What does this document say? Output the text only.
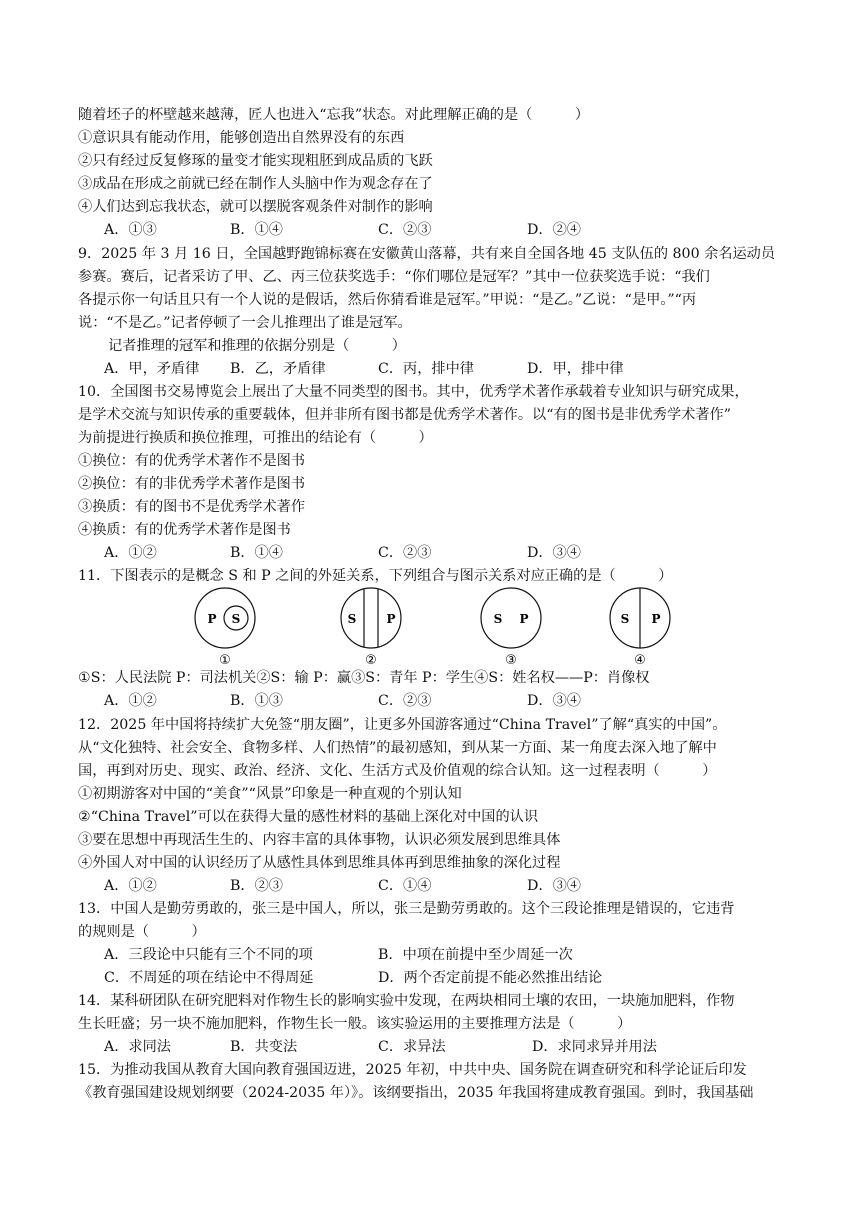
随着坯子的杯壁越来越薄，匠人也进入“忘我”状态。对此理解正确的是（　　　）
①意识具有能动作用，能够创造出自然界没有的东西
②只有经过反复修琢的量变才能实现粗胚到成品质的飞跃
③成品在形成之前就已经在制作人头脑中作为观念存在了
④人们达到忘我状态，就可以摆脱客观条件对制作的影响
A．①③	B．①④	C．②③	D．②④
9．2025 年 3 月 16 日，全国越野跑锦标赛在安徽黄山落幕，共有来自全国各地 45 支队伍的 800 余名运动员
参赛。赛后，记者采访了甲、乙、丙三位获奖选手：“你们哪位是冠军？”其中一位获奖选手说：“我们
各提示你一句话且只有一个人说的是假话，然后你猜看谁是冠军。”甲说：“是乙。”乙说：“是甲。”“丙
说：“不是乙。”记者停顿了一会儿推理出了谁是冠军。
记者推理的冠军和推理的依据分别是（　　　）
A．甲，矛盾律 B．乙，矛盾律	C．丙，排中律	D．甲，排中律
10．全国图书交易博览会上展出了大量不同类型的图书。其中，优秀学术著作承载着专业知识与研究成果，
是学术交流与知识传承的重要载体，但并非所有图书都是优秀学术著作。以“有的图书是非优秀学术著作”
为前提进行换质和换位推理，可推出的结论有（　　　）
①换位：有的优秀学术著作不是图书
②换位：有的非优秀学术著作是图书
③换质：有的图书不是优秀学术著作
④换质：有的优秀学术著作是图书
A．①②	B．①④	C．②③	D．③④
11．下图表示的是概念 S 和 P 之间的外延关系，下列组合与图示关系对应正确的是（　　　）
P S
①
S	P
②
S P
③
S P
④
①S：人民法院 P：司法机关②S：输 P：赢③S：青年 P：学生④S：姓名权——P：肖像权
A．①②	B．①③	C．②③	D．③④
12．2025 年中国将持续扩大免签“朋友圈”，让更多外国游客通过“China Travel”了解“真实的中国”。
从“文化独特、社会安全、食物多样、人们热情”的最初感知，到从某一方面、某一角度去深入地了解中
国，再到对历史、现实、政治、经济、文化、生活方式及价值观的综合认知。这一过程表明（　　　）
①初期游客对中国的“美食”“风景”印象是一种直观的个别认知
②“China Travel”可以在获得大量的感性材料的基础上深化对中国的认识
③要在思想中再现活生生的、内容丰富的具体事物，认识必须发展到思维具体
④外国人对中国的认识经历了从感性具体到思维具体再到思维抽象的深化过程
A．①②	B．②③	C．①④	D．③④
13．中国人是勤劳勇敢的，张三是中国人，所以，张三是勤劳勇敢的。这个三段论推理是错误的，它违背
的规则是（　　　）
A．三段论中只能有三个不同的项	B．中项在前提中至少周延一次
C．不周延的项在结论中不得周延	D．两个否定前提不能必然推出结论
14．某科研团队在研究肥料对作物生长的影响实验中发现，在两块相同土壤的农田，一块施加肥料，作物
生长旺盛；另一块不施加肥料，作物生长一般。该实验运用的主要推理方法是（　　　）
A．求同法	B．共变法	C．求异法	D．求同求异并用法
15．为推动我国从教育大国向教育强国迈进，2025 年初，中共中央、国务院在调查研究和科学论证后印发
《教育强国建设规划纲要（2024-2035 年）》。该纲要指出，2035 年我国将建成教育强国。到时，我国基础
